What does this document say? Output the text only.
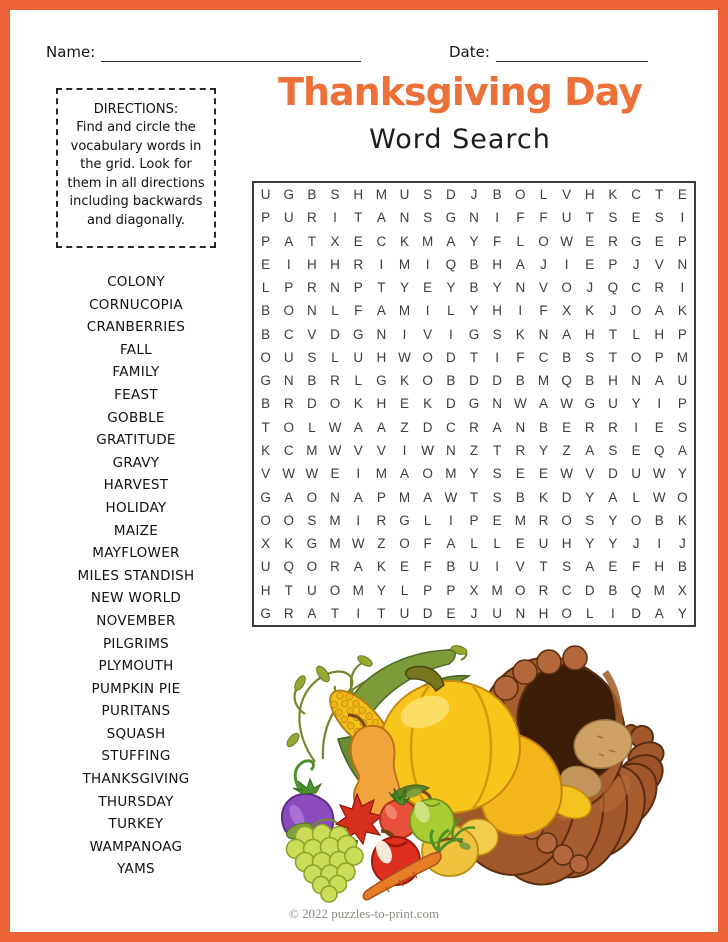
Name:	Date:
Thanksgiving Day
Word Search
DIRECTIONS:
Find and circle the vocabulary words in the grid. Look for them in all directions including backwards and diagonally.
COLONY
CORNUCOPIA
CRANBERRIES
FALL
FAMILY
FEAST
GOBBLE
GRATITUDE
GRAVY
HARVEST
HOLIDAY
MAIZE
MAYFLOWER
MILES STANDISH
NEW WORLD
NOVEMBER
PILGRIMS
PLYMOUTH
PUMPKIN PIE
PURITANS
SQUASH
STUFFING
THANKSGIVING
THURSDAY
TURKEY
WAMPANOAG
YAMS
U G B	S	H M U	S	D	J	B O	L	V	H	K	C	T	E
P	U R	I	T	A	N	S G N	I	F	F	U	T	S	E	S	I
P	A	T	X	E	C	K M A	Y	F	L	O W E	R G E	P
E	I	H H R	I	M	I	Q B	H	A	J	I	E	P	J	V	N
L	P	R N	P	T	Y	E	Y	B	Y	N	V O	J	Q C R	I
B O N	L	F	A M	I	L	Y	H	I	F	X	K	J	O A	K
B	C	V	D G N	I	V	I	G S	K	N	A	H	T	L	H	P
O U	S	L	U H W O D	T	I	F	C	B	S	T	O P M
G N	B	R	L	G K O B	D D	B M Q B	H N	A	U
B	R D O K	H	E	K	D G N W A W G U	Y	I	P
T	O	L W A	A	Z	D C R	A	N	B	E	R R	I	E	S
K	C M W V	V	I	W N	Z	T	R	Y	Z	A	S	E Q A
V W W E	I	M A O M Y	S	E	E W V	D U W Y
G A O N	A	P M A W T	S	B	K	D	Y	A	L W O
O O S M	I	R G	L	I	P	E M R O S	Y O B	K
X	K G M W Z	O	F	A	L	L	E	U H	Y	Y	J	I	J
U Q O R	A	K	E	F	B	U	I	V	T	S	A	E	F	H	B
H	T	U O M Y	L	P	P	X M O R C D	B Q M X
G R	A	T	I	T	U D	E	J	U N H O	L	I	D	A	Y
© 2022 puzzles-to-print.com
